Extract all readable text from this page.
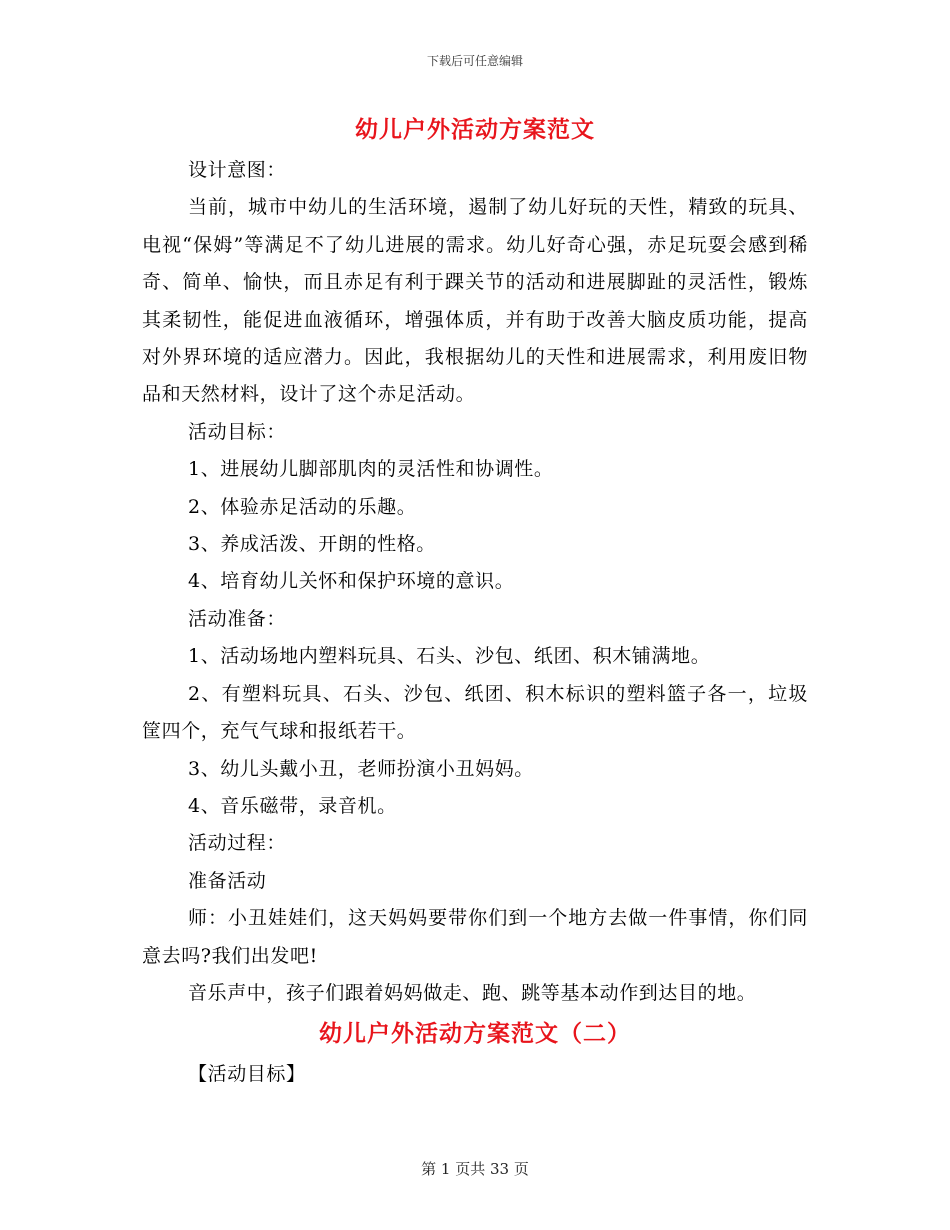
下载后可任意编辑
幼儿户外活动方案范文

设计意图：

当前，城市中幼儿的生活环境，遏制了幼儿好玩的天性，精致的玩具、电视“保姆”等满足不了幼儿进展的需求。幼儿好奇心强，赤足玩耍会感到稀奇、简单、愉快，而且赤足有利于踝关节的活动和进展脚趾的灵活性，锻炼其柔韧性，能促进血液循环，增强体质，并有助于改善大脑皮质功能，提高对外界环境的适应潜力。因此，我根据幼儿的天性和进展需求，利用废旧物品和天然材料，设计了这个赤足活动。

活动目标：

1、进展幼儿脚部肌肉的灵活性和协调性。

2、体验赤足活动的乐趣。

3、养成活泼、开朗的性格。

4、培育幼儿关怀和保护环境的意识。

活动准备：

1、活动场地内塑料玩具、石头、沙包、纸团、积木铺满地。

2、有塑料玩具、石头、沙包、纸团、积木标识的塑料篮子各一，垃圾筐四个，充气气球和报纸若干。

3、幼儿头戴小丑，老师扮演小丑妈妈。

4、音乐磁带，录音机。

活动过程：

准备活动

师：小丑娃娃们，这天妈妈要带你们到一个地方去做一件事情，你们同意去吗?我们出发吧!

音乐声中，孩子们跟着妈妈做走、跑、跳等基本动作到达目的地。

幼儿户外活动方案范文（二）

【活动目标】

第 1 页共 33 页
